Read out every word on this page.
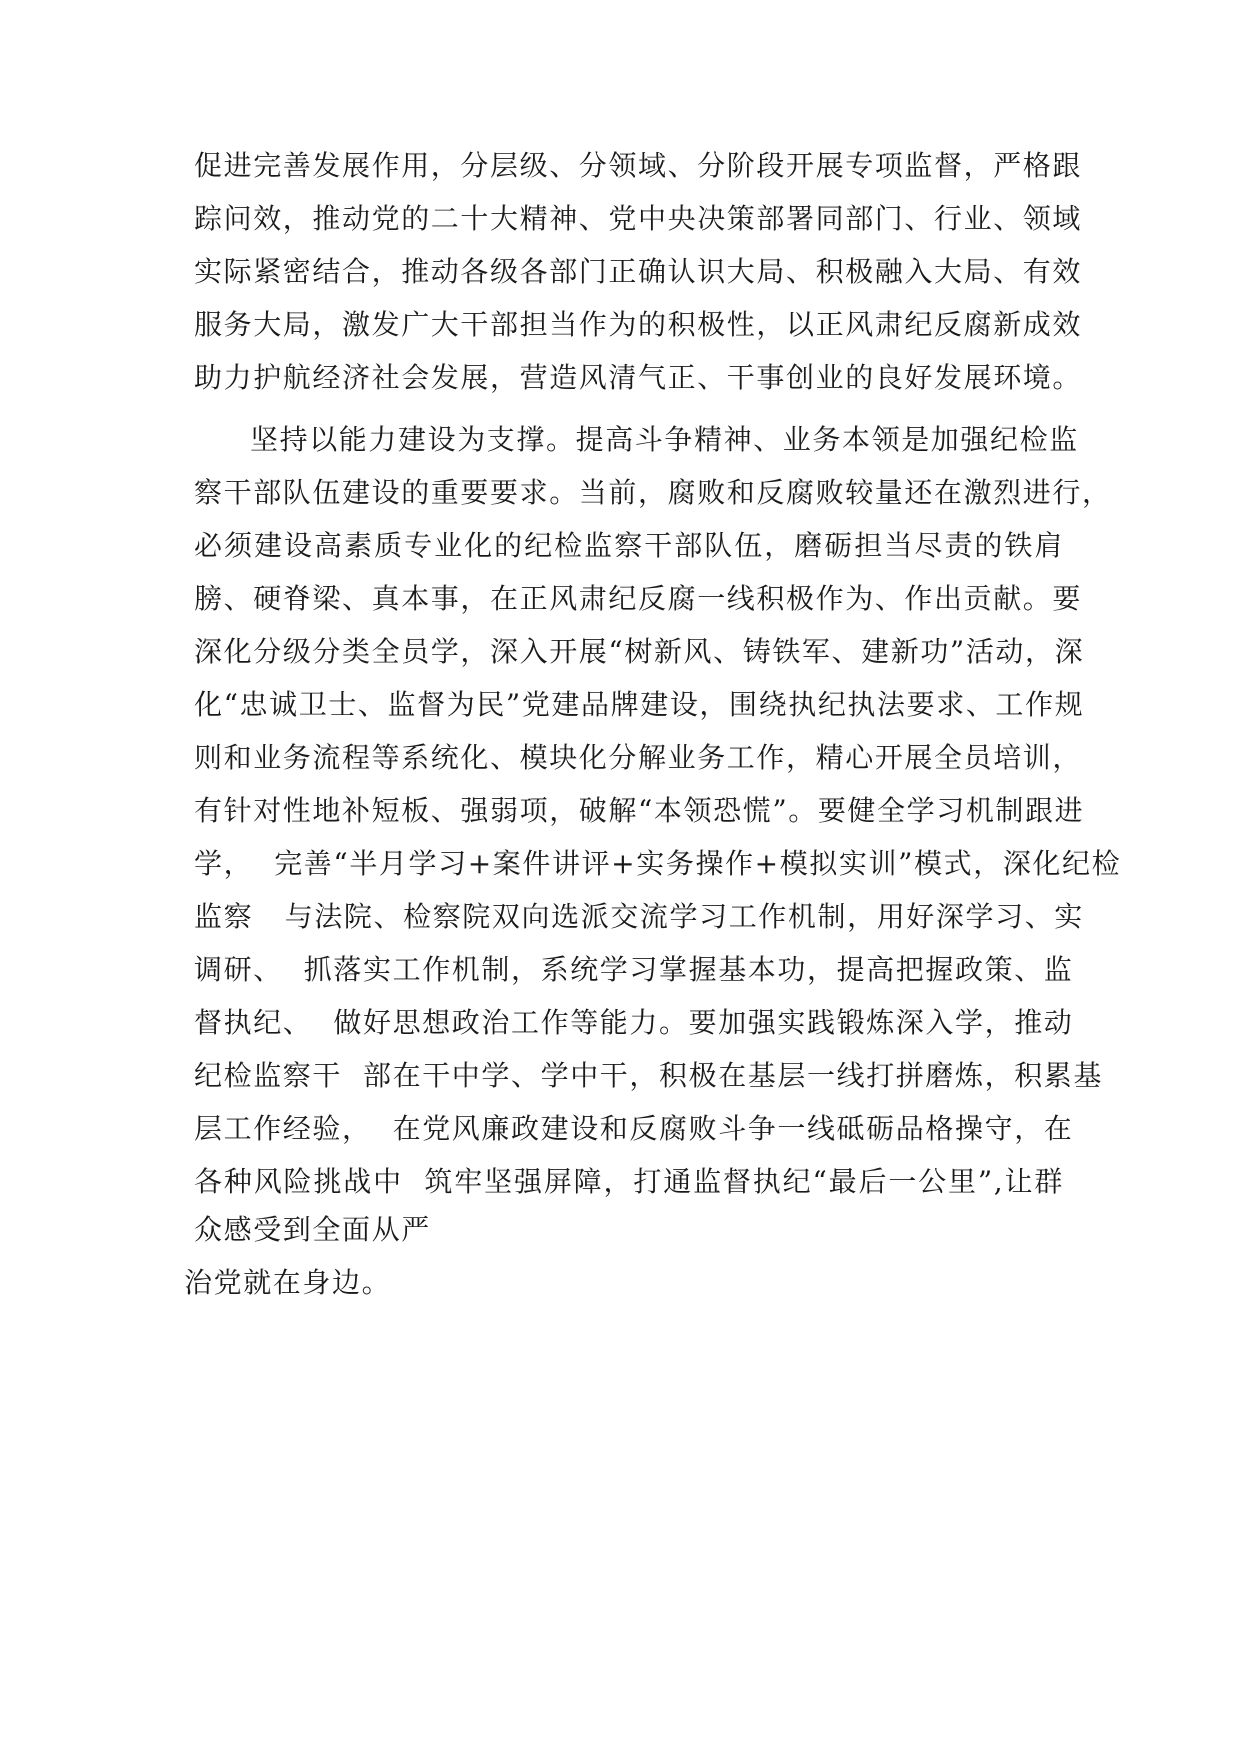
促进完善发展作用，分层级、分领域、分阶段开展专项监督，严格跟
踪问效，推动党的二十大精神、党中央决策部署同部门、行业、领域
实际紧密结合，推动各级各部门正确认识大局、积极融入大局、有效
服务大局，激发广大干部担当作为的积极性，以正风肃纪反腐新成效
助力护航经济社会发展，营造风清气正、干事创业的良好发展环境。
坚持以能力建设为支撑。提高斗争精神、业务本领是加强纪检监
察干部队伍建设的重要要求。当前，腐败和反腐败较量还在激烈进行，
必须建设高素质专业化的纪检监察干部队伍，磨砺担当尽责的铁肩
膀、硬脊梁、真本事，在正风肃纪反腐一线积极作为、作出贡献。要
深化分级分类全员学，深入开展“树新风、铸铁军、建新功”活动，深
化“忠诚卫士、监督为民”党建品牌建设，围绕执纪执法要求、工作规
则和业务流程等系统化、模块化分解业务工作，精心开展全员培训，
有针对性地补短板、强弱项，破解“本领恐慌”。要健全学习机制跟进
学，  完善“半月学习+案件讲评+实务操作+模拟实训”模式，深化纪检
监察   与法院、检察院双向选派交流学习工作机制，用好深学习、实
调研、  抓落实工作机制，系统学习掌握基本功，提高把握政策、监
督执纪、  做好思想政治工作等能力。要加强实践锻炼深入学，推动
纪检监察干  部在干中学、学中干，积极在基层一线打拼磨炼，积累基
层工作经验，  在党风廉政建设和反腐败斗争一线砥砺品格操守，在
各种风险挑战中  筑牢坚强屏障，打通监督执纪“最后一公里”,让群
众感受到全面从严
治党就在身边。
